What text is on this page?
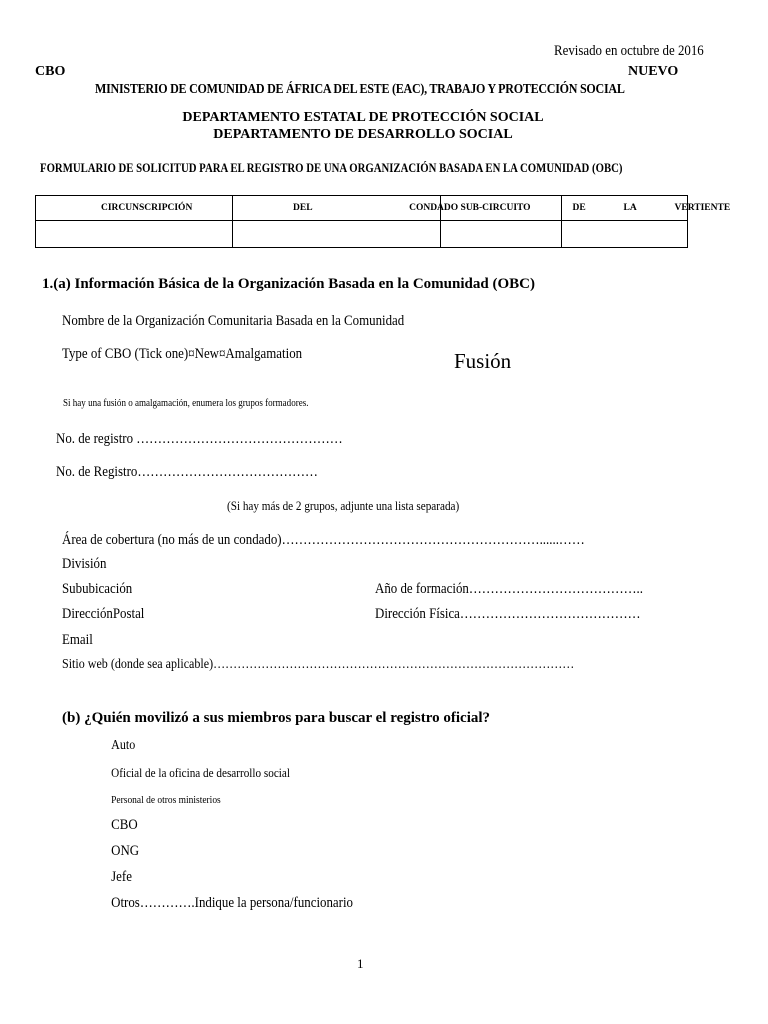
Revisado en octubre de 2016
CBO	NUEVO
MINISTERIO DE COMUNIDAD DE ÁFRICA DEL ESTE (EAC), TRABAJO Y PROTECCIÓN SOCIAL
DEPARTAMENTO ESTATAL DE PROTECCIÓN SOCIAL
DEPARTAMENTO DE DESARROLLO SOCIAL
FORMULARIO DE SOLICITUD PARA EL REGISTRO DE UNA ORGANIZACIÓN BASADA EN LA COMUNIDAD (OBC)
CIRCUNSCRIPCIÓN DEL	CONDADO SUB-CIRCUITO		DE LA VERTIENTE

1.(a) Información Básica de la Organización Basada en la Comunidad (OBC)
Nombre de la Organización Comunitaria Basada en la Comunidad
Type of CBO (Tick one)¤New¤Amalgamation	Fusión
Si hay una fusión o amalgamación, enumera los grupos formadores.
No. de registro …………………………………………
No. de Registro……………………………………
(Si hay más de 2 grupos, adjunte una lista separada)
Área de cobertura (no más de un condado)……………………………………………………......……
División
Sububicación	Año de formación…………………………………..
DirecciónPostal	Dirección Física……………………………………
Email
Sitio web (donde sea aplicable)………………………………………………………………………………
(b) ¿Quién movilizó a sus miembros para buscar el registro oficial?
Auto
Oficial de la oficina de desarrollo social
Personal de otros ministerios
CBO
ONG
Jefe
Otros………….Indique la persona/funcionario
1
